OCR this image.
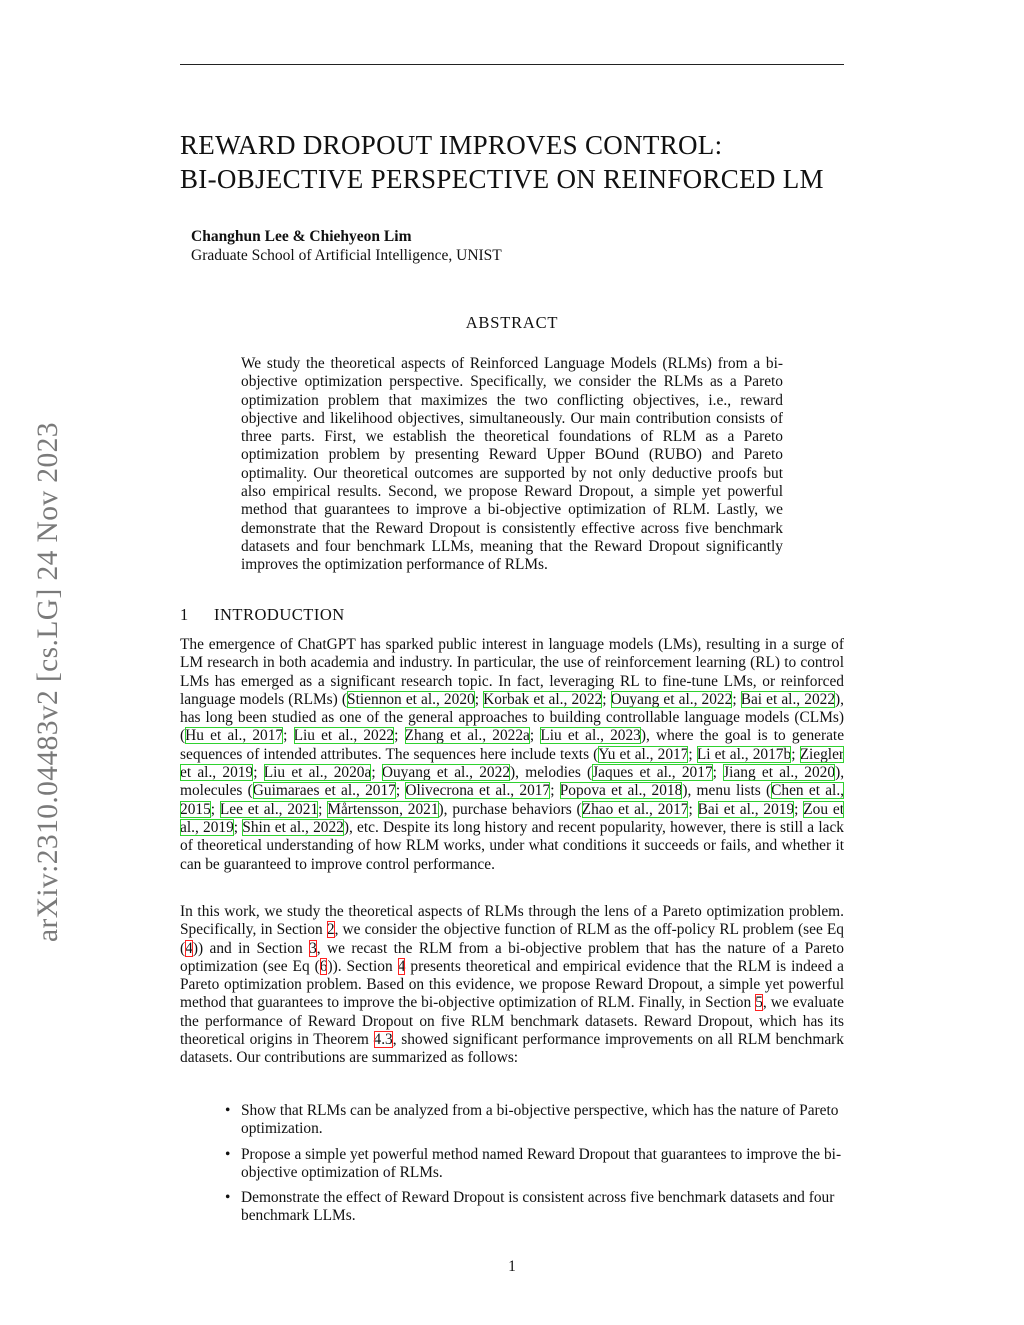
arXiv:2310.04483v2 [cs.LG] 24 Nov 2023
REWARD DROPOUT IMPROVES CONTROL:
BI-OBJECTIVE PERSPECTIVE ON REINFORCED LM
Changhun Lee & Chiehyeon Lim
Graduate School of Artificial Intelligence, UNIST
ABSTRACT
We study the theoretical aspects of Reinforced Language Models (RLMs) from a bi-objective optimization perspective. Specifically, we consider the RLMs as a Pareto optimization problem that maximizes the two conflicting objectives, i.e., reward objective and likelihood objectives, simultaneously. Our main contribution consists of three parts. First, we establish the theoretical foundations of RLM as a Pareto optimization problem by presenting Reward Upper BOund (RUBO) and Pareto optimality. Our theoretical outcomes are supported by not only deductive proofs but also empirical results. Second, we propose Reward Dropout, a simple yet powerful method that guarantees to improve a bi-objective optimization of RLM. Lastly, we demonstrate that the Reward Dropout is consistently effective across five benchmark datasets and four benchmark LLMs, meaning that the Reward Dropout significantly improves the optimization performance of RLMs.
1 INTRODUCTION
The emergence of ChatGPT has sparked public interest in language models (LMs), resulting in a surge of LM research in both academia and industry. In particular, the use of reinforcement learning (RL) to control LMs has emerged as a significant research topic. In fact, leveraging RL to fine-tune LMs, or reinforced language models (RLMs) (Stiennon et al., 2020; Korbak et al., 2022; Ouyang et al., 2022; Bai et al., 2022), has long been studied as one of the general approaches to building controllable language models (CLMs) (Hu et al., 2017; Liu et al., 2022; Zhang et al., 2022a; Liu et al., 2023), where the goal is to generate sequences of intended attributes. The sequences here include texts (Yu et al., 2017; Li et al., 2017b; Ziegler et al., 2019; Liu et al., 2020a; Ouyang et al., 2022), melodies (Jaques et al., 2017; Jiang et al., 2020), molecules (Guimaraes et al., 2017; Olivecrona et al., 2017; Popova et al., 2018), menu lists (Chen et al., 2015; Lee et al., 2021; Mårtensson, 2021), purchase behaviors (Zhao et al., 2017; Bai et al., 2019; Zou et al., 2019; Shin et al., 2022), etc. Despite its long history and recent popularity, however, there is still a lack of theoretical understanding of how RLM works, under what conditions it succeeds or fails, and whether it can be guaranteed to improve control performance.
In this work, we study the theoretical aspects of RLMs through the lens of a Pareto optimization problem. Specifically, in Section 2, we consider the objective function of RLM as the off-policy RL problem (see Eq (4)) and in Section 3, we recast the RLM from a bi-objective problem that has the nature of a Pareto optimization (see Eq (6)). Section 4 presents theoretical and empirical evidence that the RLM is indeed a Pareto optimization problem. Based on this evidence, we propose Reward Dropout, a simple yet powerful method that guarantees to improve the bi-objective optimization of RLM. Finally, in Section 5, we evaluate the performance of Reward Dropout on five RLM benchmark datasets. Reward Dropout, which has its theoretical origins in Theorem 4.3, showed significant performance improvements on all RLM benchmark datasets. Our contributions are summarized as follows:
• Show that RLMs can be analyzed from a bi-objective perspective, which has the nature of Pareto optimization.
• Propose a simple yet powerful method named Reward Dropout that guarantees to improve the bi-objective optimization of RLMs.
• Demonstrate the effect of Reward Dropout is consistent across five benchmark datasets and four benchmark LLMs.
1
